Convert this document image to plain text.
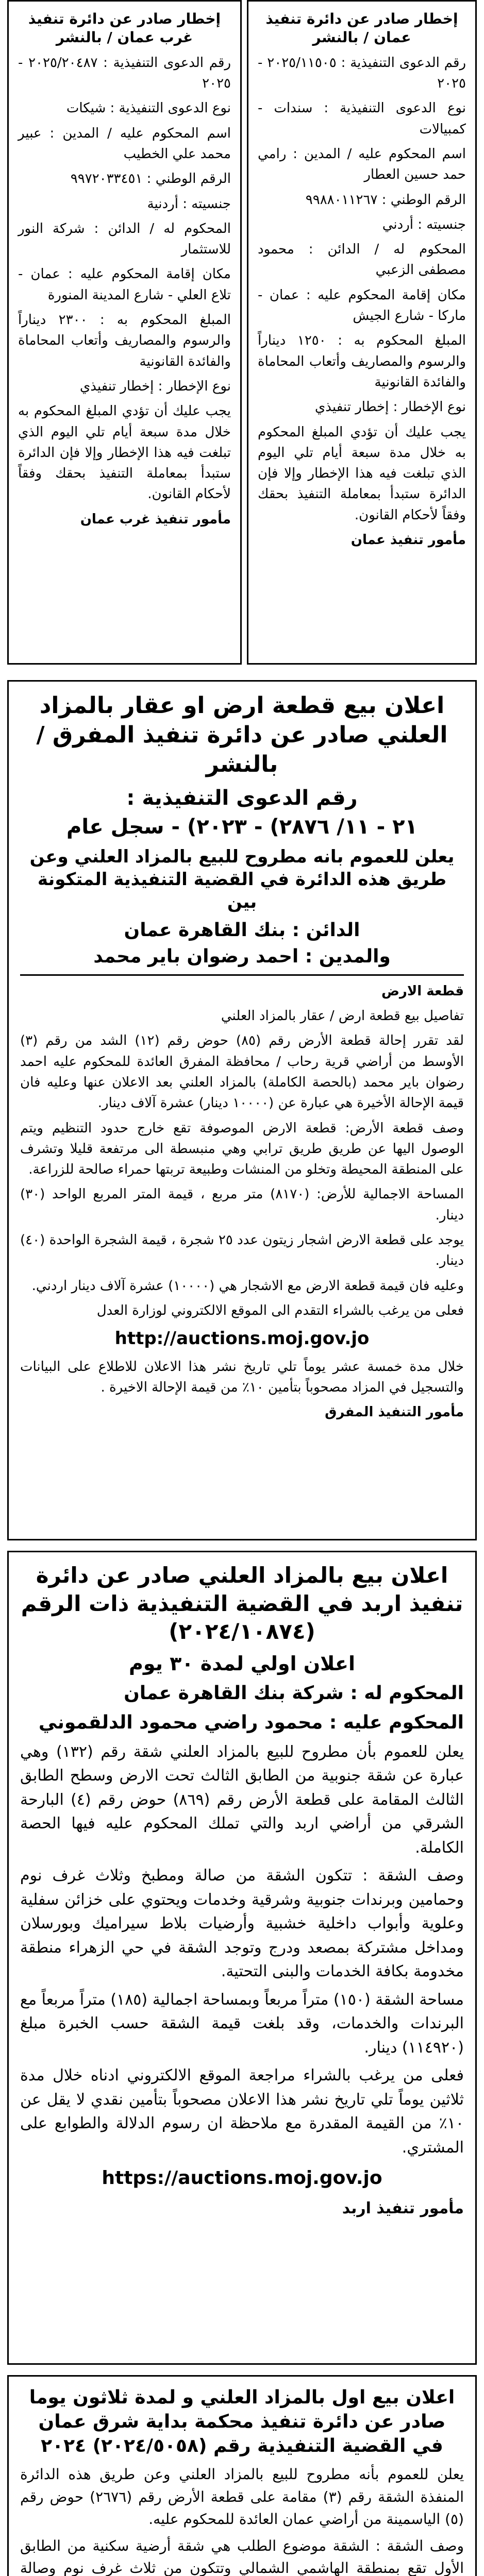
إخطار صادر عن دائرة تنفيذ عمان / بالنشر

رقم الدعوى التنفيذية : ٢٠٢٥/١١٥٠٥ - ٢٠٢٥

نوع الدعوى التنفيذية : سندات - كمبيالات

اسم المحكوم عليه / المدين : رامي حمد حسين العطار

الرقم الوطني : ٩٩٨٨٠١١٢٦٧

جنسيته : أردني

المحكوم له / الدائن : محمود مصطفى الزعبي

مكان إقامة المحكوم عليه : عمان - ماركا - شارع الجيش

المبلغ المحكوم به : ١٢٥٠ ديناراً والرسوم والمصاريف وأتعاب المحاماة والفائدة القانونية

نوع الإخطار : إخطار تنفيذي

يجب عليك أن تؤدي المبلغ المحكوم به خلال مدة سبعة أيام تلي اليوم الذي تبلغت فيه هذا الإخطار وإلا فإن الدائرة ستبدأ بمعاملة التنفيذ بحقك وفقاً لأحكام القانون.

مأمور تنفيذ عمان

إخطار صادر عن دائرة تنفيذ غرب عمان / بالنشر

رقم الدعوى التنفيذية : ٢٠٢٥/٢٠٤٨٧ - ٢٠٢٥

نوع الدعوى التنفيذية : شيكات

اسم المحكوم عليه / المدين : عبير محمد علي الخطيب

الرقم الوطني : ٩٩٧٢٠٣٣٤٥١

جنسيته : أردنية

المحكوم له / الدائن : شركة النور للاستثمار

مكان إقامة المحكوم عليه : عمان - تلاع العلي - شارع المدينة المنورة

المبلغ المحكوم به : ٢٣٠٠ ديناراً والرسوم والمصاريف وأتعاب المحاماة والفائدة القانونية

نوع الإخطار : إخطار تنفيذي

يجب عليك أن تؤدي المبلغ المحكوم به خلال مدة سبعة أيام تلي اليوم الذي تبلغت فيه هذا الإخطار وإلا فإن الدائرة ستبدأ بمعاملة التنفيذ بحقك وفقاً لأحكام القانون.

مأمور تنفيذ غرب عمان

اعلان بيع قطعة ارض او عقار بالمزاد العلني صادر عن دائرة تنفيذ المفرق / بالنشر
رقم الدعوى التنفيذية :
٢١ - ١١/ ٢٨٧٦) - ٢٠٢٣) - سجل عام
يعلن للعموم بانه مطروح للبيع بالمزاد العلني وعن طريق هذه الدائرة في القضية التنفيذية المتكونة بين
الدائن : بنك القاهرة عمان
والمدين : احمد رضوان باير محمد

قطعة الارض

تفاصيل بيع قطعة ارض / عقار بالمزاد العلني

لقد تقرر إحالة قطعة الأرض رقم (٨٥) حوض رقم (١٢) الشد من رقم (٣) الأوسط من أراضي قرية رحاب / محافظة المفرق العائدة للمحكوم عليه احمد رضوان باير محمد (بالحصة الكاملة) بالمزاد العلني بعد الاعلان عنها وعليه فان قيمة الإحالة الأخيرة هي عبارة عن (١٠٠٠٠ دينار) عشرة آلاف دينار.

وصف قطعة الأرض: قطعة الارض الموصوفة تقع خارج حدود التنظيم ويتم الوصول اليها عن طريق طريق ترابي وهي منبسطة الى مرتفعة قليلا وتشرف على المنطقة المحيطة وتخلو من المنشات وطبيعة تربتها حمراء صالحة للزراعة.

المساحة الاجمالية للأرض: (٨١٧٠) متر مربع ، قيمة المتر المربع الواحد (٣٠) دينار.

يوجد على قطعة الارض اشجار زيتون عدد ٢٥ شجرة ، قيمة الشجرة الواحدة (٤٠) دينار.

وعليه فان قيمة قطعة الارض مع الاشجار هي (١٠٠٠٠) عشرة آلاف دينار اردني.

فعلى من يرغب بالشراء التقدم الى الموقع الالكتروني لوزارة العدل

http://auctions.moj.gov.jo

خلال مدة خمسة عشر يوماً تلي تاريخ نشر هذا الاعلان للاطلاع على البيانات والتسجيل في المزاد مصحوباً بتأمين ١٠٪ من قيمة الإحالة الاخيرة .

مأمور التنفيذ المفرق

اعلان بيع بالمزاد العلني صادر عن دائرة تنفيذ اربد في القضية التنفيذية ذات الرقم (٢٠٢٤/١٠٨٧٤)
اعلان اولي لمدة ٣٠ يوم
المحكوم له : شركة بنك القاهرة عمان
المحكوم عليه : محمود راضي محمود الدلقموني

يعلن للعموم بأن مطروح للبيع بالمزاد العلني شقة رقم (١٣٢) وهي عبارة عن شقة جنوبية من الطابق الثالث تحت الارض وسطح الطابق الثالث المقامة على قطعة الأرض رقم (٨٦٩) حوض رقم (٤) البارحة الشرقي من أراضي اربد والتي تملك المحكوم عليه فيها الحصة الكاملة.

وصف الشقة : تتكون الشقة من صالة ومطبخ وثلاث غرف نوم وحمامين وبرندات جنوبية وشرقية وخدمات ويحتوي على خزائن سفلية وعلوية وأبواب داخلية خشبية وأرضيات بلاط سيراميك وبورسلان ومداخل مشتركة بمصعد ودرج وتوجد الشقة في حي الزهراء منطقة مخدومة بكافة الخدمات والبنى التحتية.

مساحة الشقة (١٥٠) متراً مربعاً وبمساحة اجمالية (١٨٥) متراً مربعاً مع البرندات والخدمات، وقد بلغت قيمة الشقة حسب الخبرة مبلغ (١١٤٩٢٠) دينار.

فعلى من يرغب بالشراء مراجعة الموقع الالكتروني ادناه خلال مدة ثلاثين يوماً تلي تاريخ نشر هذا الاعلان مصحوباً بتأمين نقدي لا يقل عن ١٠٪ من القيمة المقدرة مع ملاحظة ان رسوم الدلالة والطوابع على المشتري.

https://auctions.moj.gov.jo

مأمور تنفيذ اربد

اعلان بيع اول بالمزاد العلني و لمدة ثلاثون يوما صادر عن دائرة تنفيذ محكمة بداية شرق عمان في القضية التنفيذية رقم (٢٠٢٤/٥٠٥٨) ٢٠٢٤

يعلن للعموم بأنه مطروح للبيع بالمزاد العلني وعن طريق هذه الدائرة المنفذة الشقة رقم (٣) مقامة على قطعة الأرض رقم (٢٦٧٦) حوض رقم (٥) الياسمينة من أراضي عمان العائدة للمحكوم عليه.

وصف الشقة : الشقة موضوع الطلب هي شقة أرضية سكنية من الطابق الأول تقع بمنطقة الهاشمي الشمالي وتتكون من ثلاث غرف نوم وصالة
